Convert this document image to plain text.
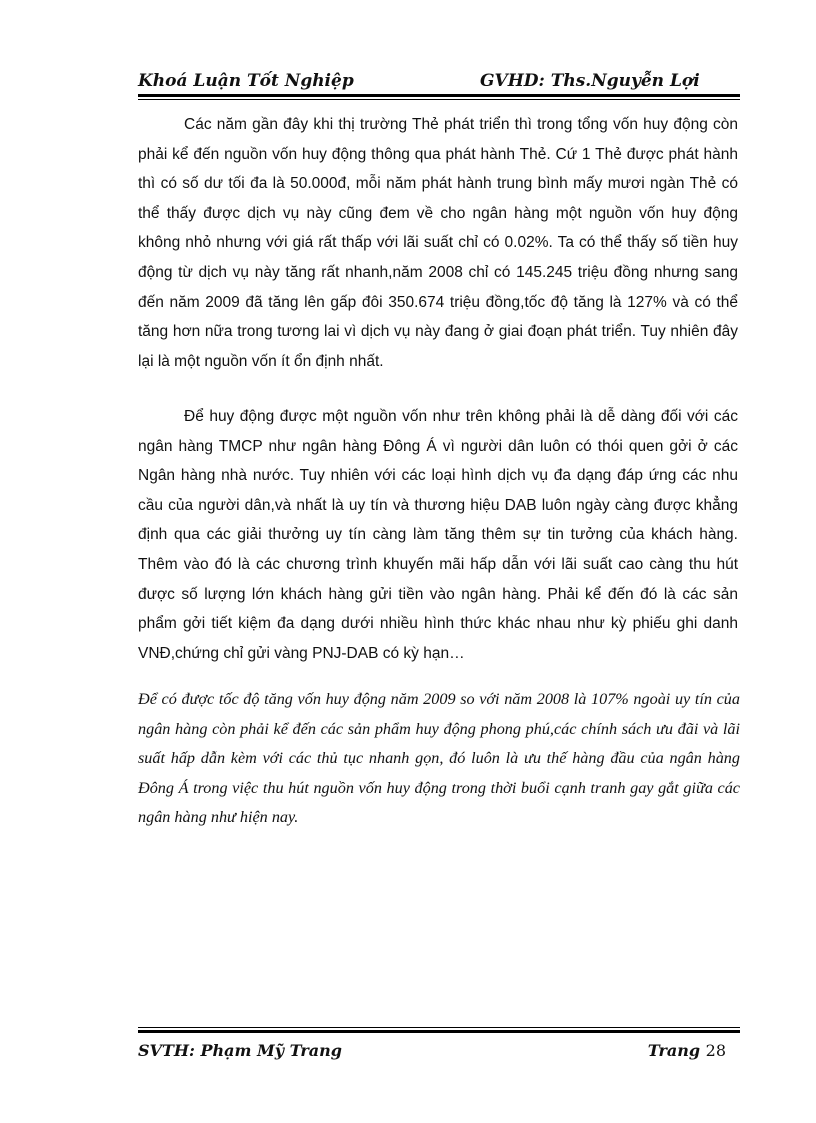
Khoá Luận Tốt Nghiệp	GVHD: Ths.Nguyễn Lợi

Các năm gần đây khi thị trường Thẻ phát triển thì trong tổng vốn huy động còn phải kể đến nguồn vốn huy động thông qua phát hành Thẻ. Cứ 1 Thẻ được phát hành thì có số dư tối đa là 50.000đ, mỗi năm phát hành trung bình mấy mươi ngàn Thẻ có thể thấy được dịch vụ này cũng đem về cho ngân hàng một nguồn vốn huy động không nhỏ nhưng với giá rất thấp với lãi suất chỉ có 0.02%. Ta có thể thấy số tiền huy động từ dịch vụ này tăng rất nhanh,năm 2008 chỉ có 145.245 triệu đồng nhưng sang đến năm 2009 đã tăng lên gấp đôi 350.674 triệu đồng,tốc độ tăng là 127% và có thể tăng hơn nữa trong tương lai vì dịch vụ này đang ở giai đoạn phát triển. Tuy nhiên đây lại là một nguồn vốn ít ổn định nhất.

Để huy động được một nguồn vốn như trên không phải là dễ dàng đối với các ngân hàng TMCP như ngân hàng Đông Á vì người dân luôn có thói quen gởi ở các Ngân hàng nhà nước. Tuy nhiên với các loại hình dịch vụ đa dạng đáp ứng các nhu cầu của người dân,và nhất là uy tín và thương hiệu DAB luôn ngày càng được khẳng định qua các giải thưởng uy tín càng làm tăng thêm sự tin tưởng của khách hàng. Thêm vào đó là các chương trình khuyến mãi hấp dẫn với lãi suất cao càng thu hút được số lượng lớn khách hàng gửi tiền vào ngân hàng. Phải kể đến đó là các sản phẩm gởi tiết kiệm đa dạng dưới nhiều hình thức khác nhau như kỳ phiếu ghi danh VNĐ,chứng chỉ gửi vàng PNJ-DAB có kỳ hạn…

Để có được tốc độ tăng vốn huy động năm 2009 so với năm 2008 là 107% ngoài uy tín của ngân hàng còn phải kể đến các sản phẩm huy động phong phú,các chính sách ưu đãi và lãi suất hấp dẫn kèm với các thủ tục nhanh gọn, đó luôn là ưu thế hàng đầu của ngân hàng Đông Á trong việc thu hút nguồn vốn huy động trong thời buổi cạnh tranh gay gắt giữa các ngân hàng như hiện nay.

SVTH: Phạm Mỹ Trang	Trang 28
